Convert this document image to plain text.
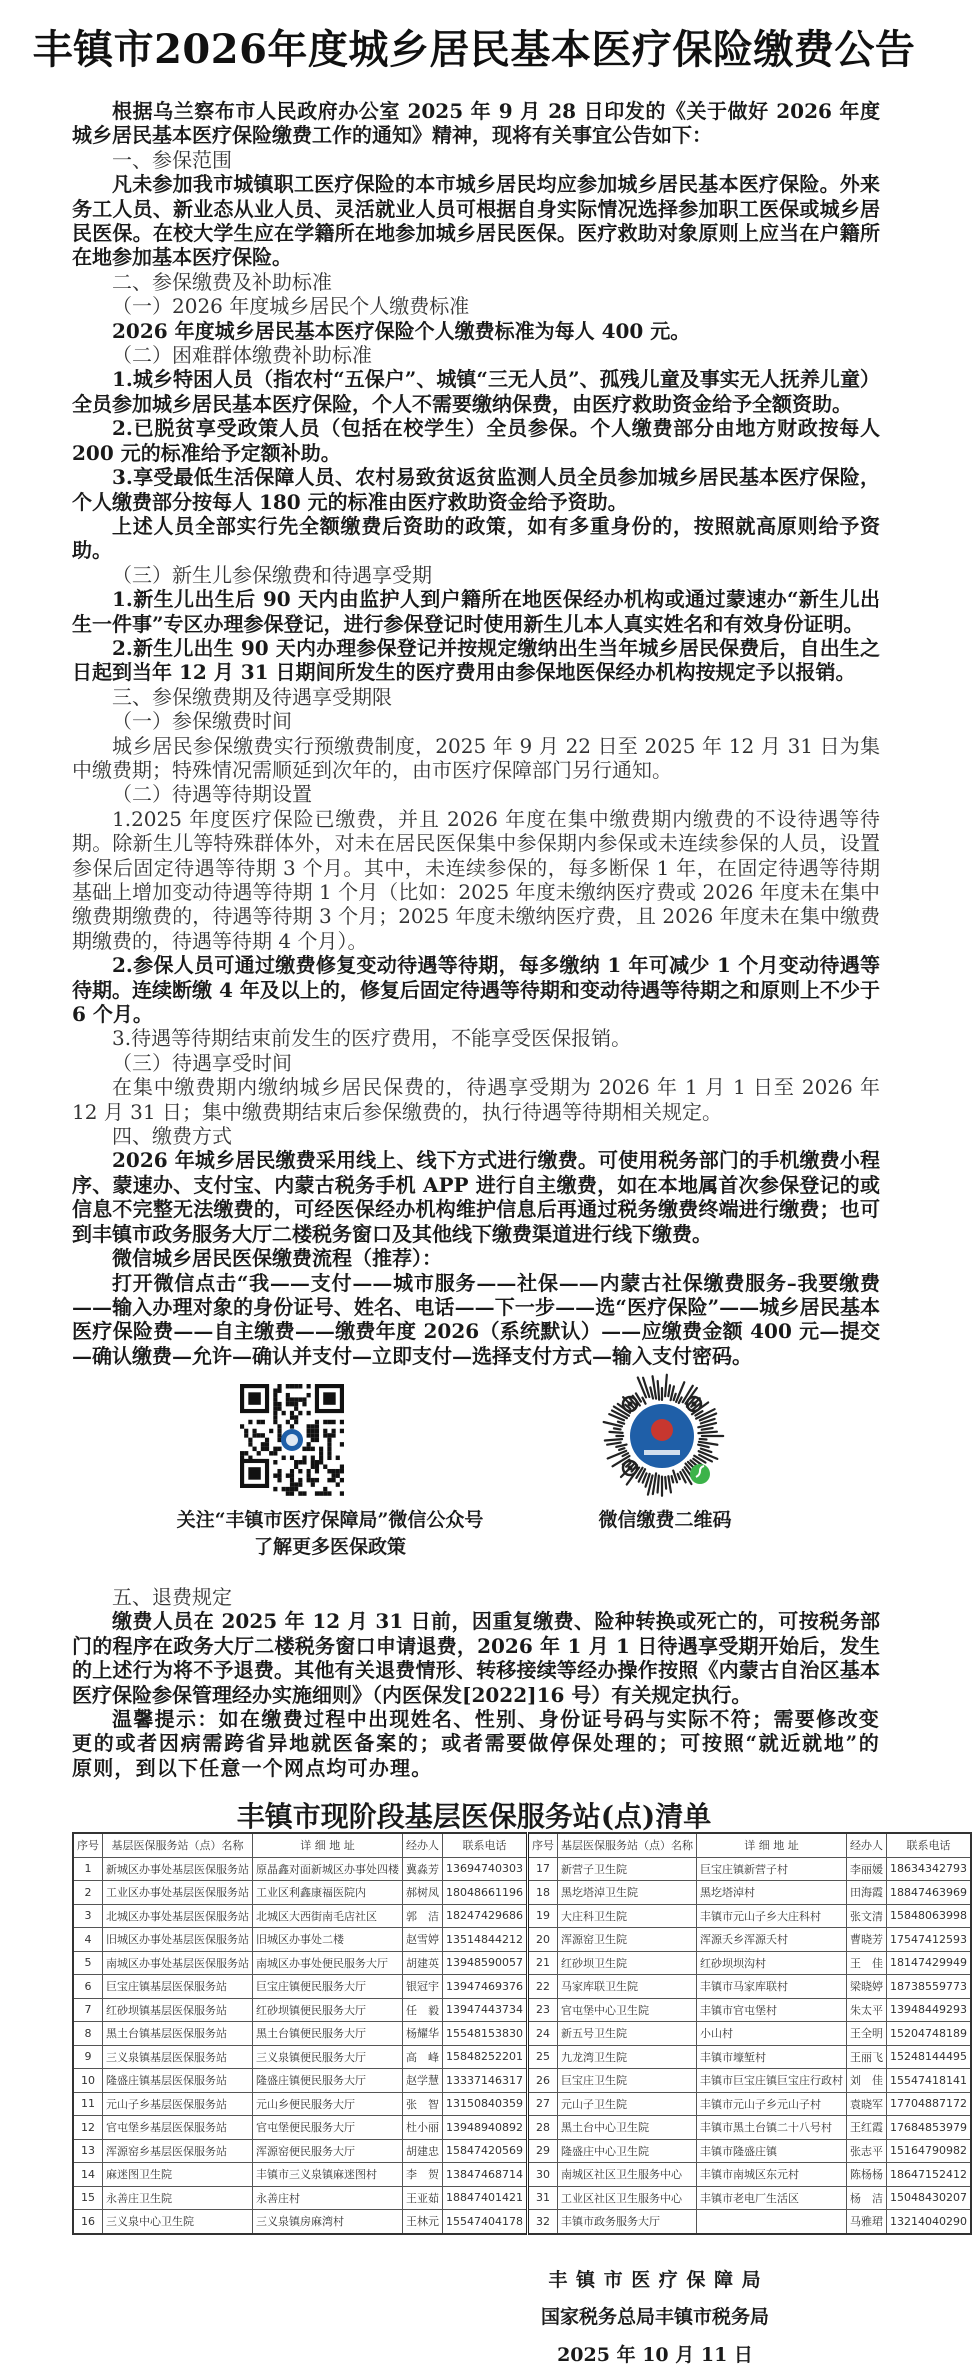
丰镇市2026年度城乡居民基本医疗保险缴费公告

根据乌兰察布市人民政府办公室 2025 年 9 月 28 日印发的《关于做好 2026 年度城乡居民基本医疗保险缴费工作的通知》精神，现将有关事宜公告如下：

一、参保范围

凡未参加我市城镇职工医疗保险的本市城乡居民均应参加城乡居民基本医疗保险。外来务工人员、新业态从业人员、灵活就业人员可根据自身实际情况选择参加职工医保或城乡居民医保。在校大学生应在学籍所在地参加城乡居民医保。医疗救助对象原则上应当在户籍所在地参加基本医疗保险。

二、参保缴费及补助标准

（一）2026 年度城乡居民个人缴费标准

2026 年度城乡居民基本医疗保险个人缴费标准为每人 400 元。

（二）困难群体缴费补助标准

1.城乡特困人员（指农村“五保户”、城镇“三无人员”、孤残儿童及事实无人抚养儿童）全员参加城乡居民基本医疗保险，个人不需要缴纳保费，由医疗救助资金给予全额资助。

2.已脱贫享受政策人员（包括在校学生）全员参保。个人缴费部分由地方财政按每人 200 元的标准给予定额补助。

3.享受最低生活保障人员、农村易致贫返贫监测人员全员参加城乡居民基本医疗保险，个人缴费部分按每人 180 元的标准由医疗救助资金给予资助。

上述人员全部实行先全额缴费后资助的政策，如有多重身份的，按照就高原则给予资助。

（三）新生儿参保缴费和待遇享受期

1.新生儿出生后 90 天内由监护人到户籍所在地医保经办机构或通过蒙速办“新生儿出生一件事”专区办理参保登记，进行参保登记时使用新生儿本人真实姓名和有效身份证明。

2.新生儿出生 90 天内办理参保登记并按规定缴纳出生当年城乡居民保费后，自出生之日起到当年 12 月 31 日期间所发生的医疗费用由参保地医保经办机构按规定予以报销。

三、参保缴费期及待遇享受期限

（一）参保缴费时间

城乡居民参保缴费实行预缴费制度，2025 年 9 月 22 日至 2025 年 12 月 31 日为集中缴费期；特殊情况需顺延到次年的，由市医疗保障部门另行通知。

（二）待遇等待期设置

1.2025 年度医疗保险已缴费，并且 2026 年度在集中缴费期内缴费的不设待遇等待期。除新生儿等特殊群体外，对未在居民医保集中参保期内参保或未连续参保的人员，设置参保后固定待遇等待期 3 个月。其中，未连续参保的，每多断保 1 年，在固定待遇等待期基础上增加变动待遇等待期 1 个月（比如：2025 年度未缴纳医疗费或 2026 年度未在集中缴费期缴费的，待遇等待期 3 个月；2025 年度未缴纳医疗费，且 2026 年度未在集中缴费期缴费的，待遇等待期 4 个月）。

2.参保人员可通过缴费修复变动待遇等待期，每多缴纳 1 年可减少 1 个月变动待遇等待期。连续断缴 4 年及以上的，修复后固定待遇等待期和变动待遇等待期之和原则上不少于 6 个月。

3.待遇等待期结束前发生的医疗费用，不能享受医保报销。

（三）待遇享受时间

在集中缴费期内缴纳城乡居民保费的，待遇享受期为 2026 年 1 月 1 日至 2026 年 12 月 31 日；集中缴费期结束后参保缴费的，执行待遇等待期相关规定。

四、缴费方式

2026 年城乡居民缴费采用线上、线下方式进行缴费。可使用税务部门的手机缴费小程序、蒙速办、支付宝、内蒙古税务手机 APP 进行自主缴费，如在本地属首次参保登记的或信息不完整无法缴费的，可经医保经办机构维护信息后再通过税务缴费终端进行缴费；也可到丰镇市政务服务大厅二楼税务窗口及其他线下缴费渠道进行线下缴费。

微信城乡居民医保缴费流程（推荐）：

打开微信点击“我——支付——城市服务——社保——内蒙古社保缴费服务–我要缴费——输入办理对象的身份证号、姓名、电话——下一步——选“医疗保险”——城乡居民基本医疗保险费——自主缴费——缴费年度 2026（系统默认）——应缴费金额 400 元—提交—确认缴费—允许—确认并支付—立即支付—选择支付方式—输入支付密码。

关注“丰镇市医疗保障局”微信公众号
了解更多医保政策
微信缴费二维码

五、退费规定

缴费人员在 2025 年 12 月 31 日前，因重复缴费、险种转换或死亡的，可按税务部门的程序在政务大厅二楼税务窗口申请退费，2026 年 1 月 1 日待遇享受期开始后，发生的上述行为将不予退费。其他有关退费情形、转移接续等经办操作按照《内蒙古自治区基本医疗保险参保管理经办实施细则》（内医保发[2022]16 号）有关规定执行。

温馨提示：如在缴费过程中出现姓名、性别、身份证号码与实际不符；需要修改变更的或者因病需跨省异地就医备案的；或者需要做停保处理的；可按照“就近就地”的原则，到以下任意一个网点均可办理。

丰镇市现阶段基层医保服务站(点)清单
序号	基层医保服务站（点）名称	详 细 地 址	经办人	联系电话	序号	基层医保服务站（点）名称	详 细 地 址	经办人	联系电话
1	新城区办事处基层医保服务站	原晶鑫对面新城区办事处四楼	冀淼芳	13694740303	17	新营子卫生院	巨宝庄镇新营子村	李丽媛	18634342793
2	工业区办事处基层医保服务站	工业区利鑫康福医院内	郝树凤	18048661196	18	黑圪塔淖卫生院	黑圪塔淖村	田海霞	18847463969
3	北城区办事处基层医保服务站	北城区大西街南毛店社区	郭　洁	18247429686	19	大庄科卫生院	丰镇市元山子乡大庄科村	张文清	15848063998
4	旧城区办事处基层医保服务站	旧城区办事处二楼	赵雪婷	13514844212	20	浑源窑卫生院	浑源夭乡浑源夭村	曹晓芳	17547412593
5	南城区办事处基层医保服务站	南城区办事处便民服务大厅	胡建英	13948590057	21	红砂坝卫生院	红砂坝坝沟村	王　佳	18147429949
6	巨宝庄镇基层医保服务站	巨宝庄镇便民服务大厅	银冠宇	13947469376	22	马家库联卫生院	丰镇市马家库联村	梁晓婷	18738559773
7	红砂坝镇基层医保服务站	红砂坝镇便民服务大厅	任　毅	13947443734	23	官屯堡中心卫生院	丰镇市官屯堡村	朱太平	13948449293
8	黑土台镇基层医保服务站	黑土台镇便民服务大厅	杨耀华	15548153830	24	新五号卫生院	小山村	王全明	15204748189
9	三义泉镇基层医保服务站	三义泉镇便民服务大厅	高　峰	15848252201	25	九龙湾卫生院	丰镇市壕堑村	王丽飞	15248144495
10	隆盛庄镇基层医保服务站	隆盛庄镇便民服务大厅	赵学慧	13337146317	26	巨宝庄卫生院	丰镇市巨宝庄镇巨宝庄行政村	刘　佳	15547418141
11	元山子乡基层医保服务站	元山乡便民服务大厅	张　智	13150840359	27	元山子卫生院	丰镇市元山子乡元山子村	袁晓军	17704887172
12	官屯堡乡基层医保服务站	官屯堡便民服务大厅	杜小丽	13948940892	28	黑土台中心卫生院	丰镇市黑土台镇二十八号村	王红霞	17684853979
13	浑源窑乡基层医保服务站	浑源窑便民服务大厅	胡建忠	15847420569	29	隆盛庄中心卫生院	丰镇市隆盛庄镇	张志平	15164790982
14	麻迷图卫生院	丰镇市三义泉镇麻迷图村	李　贺	13847468714	30	南城区社区卫生服务中心	丰镇市南城区东元村	陈杨杨	18647152412
15	永善庄卫生院	永善庄村	王亚茹	18847401421	31	工业区社区卫生服务中心	丰镇市老电厂生活区	杨　洁	15048430207
16	三义泉中心卫生院	三义泉镇房麻湾村	王林元	15547404178	32	丰镇市政务服务大厅		马雅珺	13214040290
丰 镇 市 医 疗 保 障 局
国家税务总局丰镇市税务局
2025 年 10 月 11 日
